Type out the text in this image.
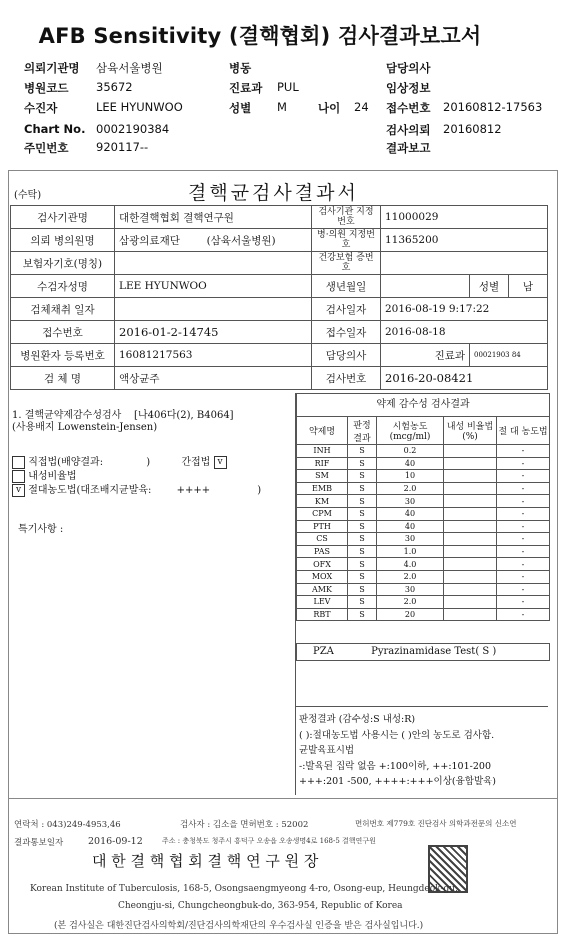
AFB Sensitivity (결핵협회) 검사결과보고서
의뢰기관명 삼육서울병원	병동	담당의사
병원코드 35672	진료과 PUL	임상정보
수진자	LEE HYUNWOO	성별 M	나이 24 접수번호 20160812-17563
Chart No. 0002190384	검사의뢰 20160812
주민번호 920117--	결과보고
(수탁)	결핵균검사결과서
검사기관명	대한결핵협회 결핵연구원	검사기관 지정번호	11000029		
의뢰 병의원명	삼광의료재단 (삼육서울병원)	병·의원 지정번호	11365200		
보험자기호(명칭)		건강보험 증번호			
수검자성명	LEE HYUNWOO	생년월일		성별	남
검체채취 일자		검사일자	2016-08-19 9:17:22		
접수번호	2016-01-2-14745	접수일자	2016-08-18		
병원환자 등록번호	16081217563	담당의사	진료과	00021903 84	
검 체 명	액상균주	검사번호	2016-20-08421		
1. 결핵균약제감수성검사 [나406다(2), B4064]
(사용배지 Lowenstein-Jensen)
직접법(배양결과:	)	간접법 v
내성비율법
v 절대농도법(대조배지균발육:	++++	)
특기사항 :
약제 감수성 검사결과
약제명	판정 결과	시험농도 (mcg/ml)	내성 비율법(%)	절 대 농도법
INH	S	0.2		-
RIF	S	40		-
SM	S	10		-
EMB	S	2.0		-
KM	S	30		-
CPM	S	40		-
PTH	S	40		-
CS	S	30		-
PAS	S	1.0		-
OFX	S	4.0		-
MOX	S	2.0		-
AMK	S	30		-
LEV	S	2.0		-
RBT	S	20		-
PZA	Pyrazinamidase Test( S )
판정결과 (감수성:S 내성:R)
( ):절대농도법 사용시는 ( )안의 농도로 검사함.
균발육표시법
-:발육된 집락 없음 +:100이하, ++:101-200
+++:201 -500, ++++:+++이상(융합발육)
연락처 : 043)249-4953,46	검사자 : 김소을 면허번호 : 52002	면허번호 제779호 진단검사 의학과전문의 신소연
결과통보일자	2016-09-12	주소 : 충청북도 청주시 흥덕구 오송읍 오송생명4로 168-5 결핵연구원
대 한 결 핵 협 회 결 핵 연 구 원 장
Korean Institute of Tuberculosis, 168-5, Osongsaengmyeong 4-ro, Osong-eup, Heungdeok-gu,
Cheongju-si, Chungcheongbuk-do, 363-954, Republic of Korea
(본 검사실은 대한진단검사의학회/진단검사의학재단의 우수검사실 인증을 받은 검사실입니다.)
